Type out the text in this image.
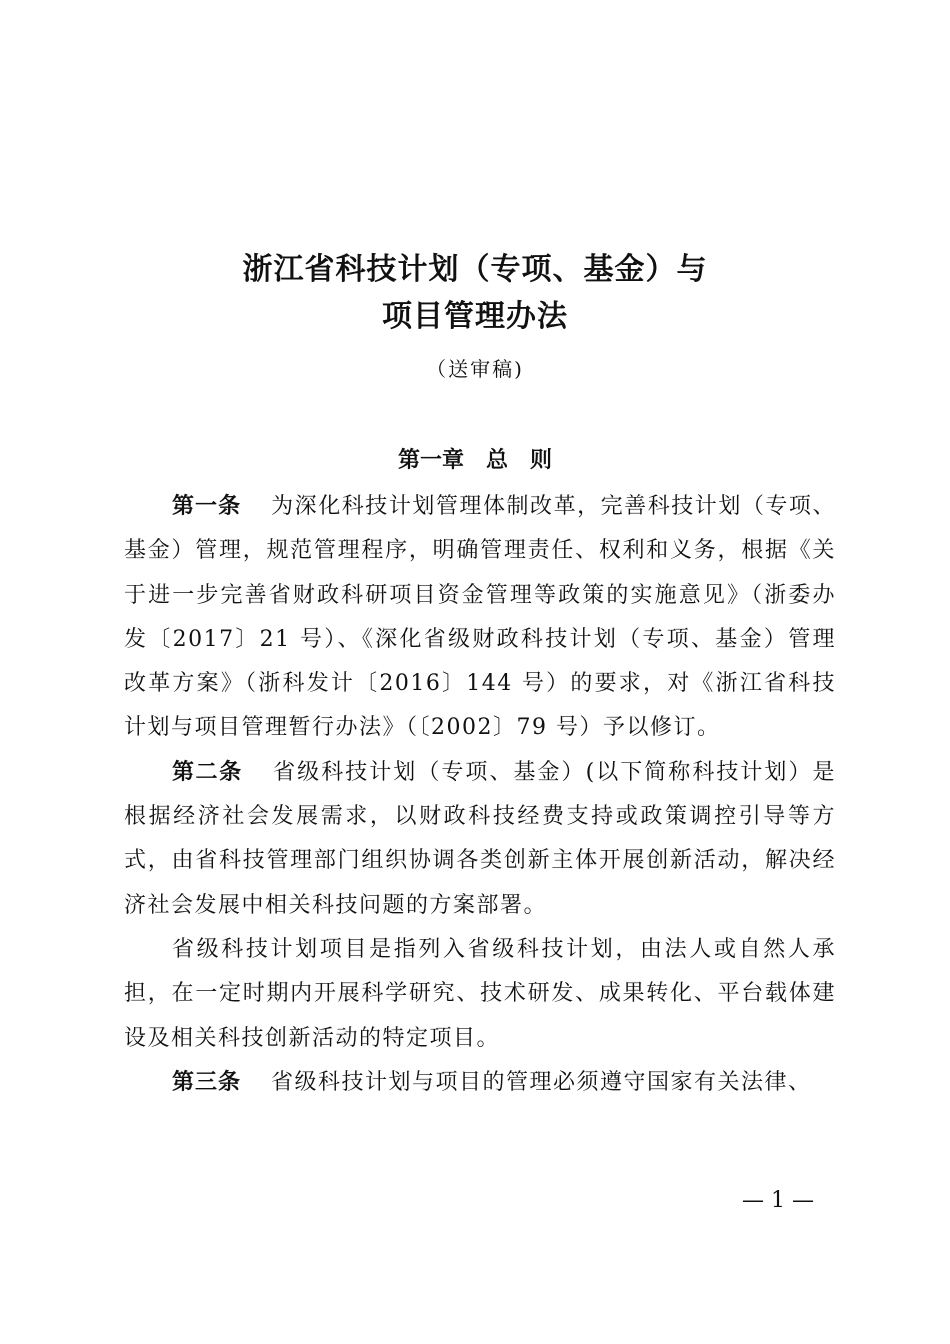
浙江省科技计划（专项、基金）与
项目管理办法
（送审稿)
第一章　总　则

第一条 为深化科技计划管理体制改革，完善科技计划（专项、基金）管理，规范管理程序，明确管理责任、权利和义务，根据《关于进一步完善省财政科研项目资金管理等政策的实施意见》（浙委办发〔2017〕21 号）、《深化省级财政科技计划（专项、基金）管理改革方案》（浙科发计〔2016〕144 号）的要求，对《浙江省科技计划与项目管理暂行办法》（〔2002〕79 号）予以修订。

第二条 省级科技计划（专项、基金）(以下简称科技计划）是根据经济社会发展需求，以财政科技经费支持或政策调控引导等方式，由省科技管理部门组织协调各类创新主体开展创新活动，解决经济社会发展中相关科技问题的方案部署。

省级科技计划项目是指列入省级科技计划，由法人或自然人承担，在一定时期内开展科学研究、技术研发、成果转化、平台载体建设及相关科技创新活动的特定项目。

第三条 省级科技计划与项目的管理必须遵守国家有关法律、

— 1 —
